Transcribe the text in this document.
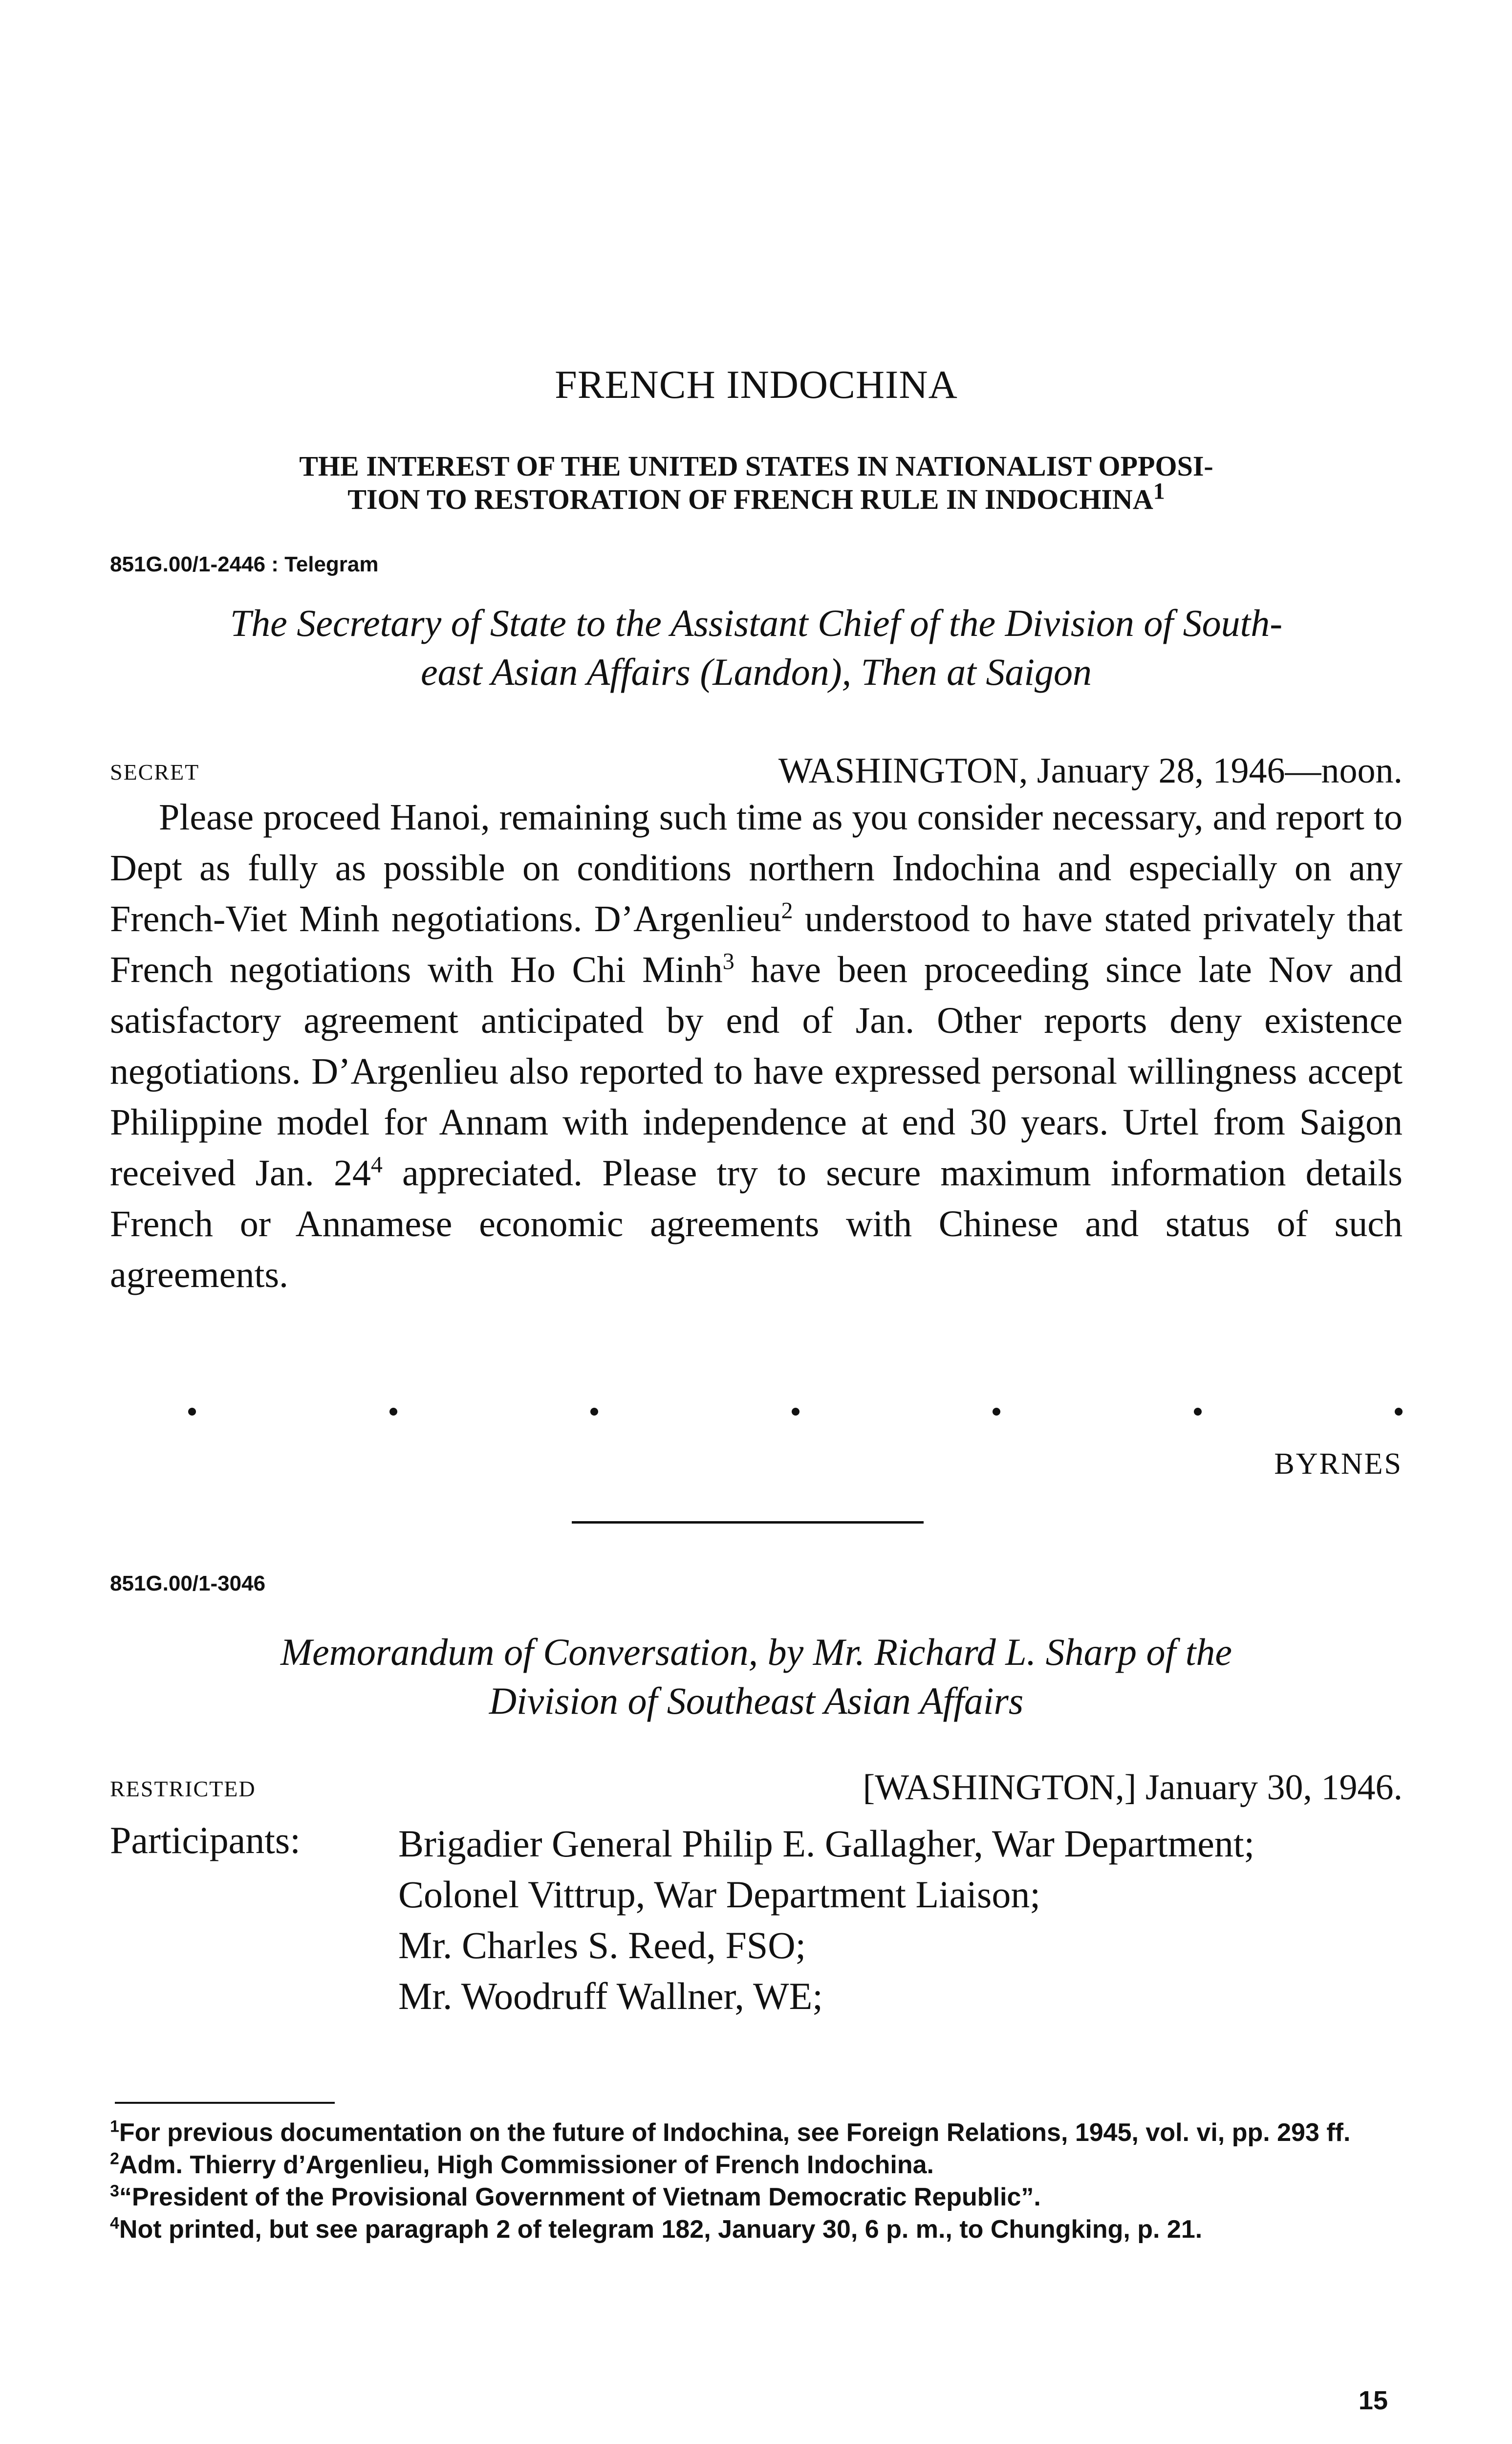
FRENCH INDOCHINA
THE INTEREST OF THE UNITED STATES IN NATIONALIST OPPOSI-
TION TO RESTORATION OF FRENCH RULE IN INDOCHINA$^1$

851G.00/1-2446 : Telegram

The Secretary of State to the Assistant Chief of the Division of South-
east Asian Affairs (Landon), Then at Saigon
SECRET	WASHINGTON, January 28, 1946—noon.

Please proceed Hanoi, remaining such time as you consider necessary, and report to Dept as fully as possible on conditions northern Indochina and especially on any French-Viet Minh negotiations. D’Argenlieu$^2$ understood to have stated privately that French negotiations with Ho Chi Minh$^3$ have been proceeding since late Nov and satisfactory agreement anticipated by end of Jan. Other reports deny existence negotiations. D’Argenlieu also reported to have expressed personal willingness accept Philippine model for Annam with independence at end 30 years. Urtel from Saigon received Jan. $24^4$ appreciated. Please try to secure maximum information details French or Annamese economic agreements with Chinese and status of such agreements.

BYRNES

851G.00/1-3046

Memorandum of Conversation, by Mr. Richard L. Sharp of the
Division of Southeast Asian Affairs
RESTRICTED	[WASHINGTON,] January 30, 1946.

Participants:	Brigadier General Philip E. Gallagher, War Department;
Colonel Vittrup, War Department Liaison;
Mr. Charles S. Reed, FSO;
Mr. Woodruff Wallner, WE;
$^1$For previous documentation on the future of Indochina, see Foreign Relations, 1945, vol. vi, pp. 293 ff.
$^2$Adm. Thierry d’Argenlieu, High Commissioner of French Indochina.
$^3$“President of the Provisional Government of Vietnam Democratic Republic”.
$^4$Not printed, but see paragraph 2 of telegram 182, January 30, 6 p. m., to Chungking, p. 21.

15
